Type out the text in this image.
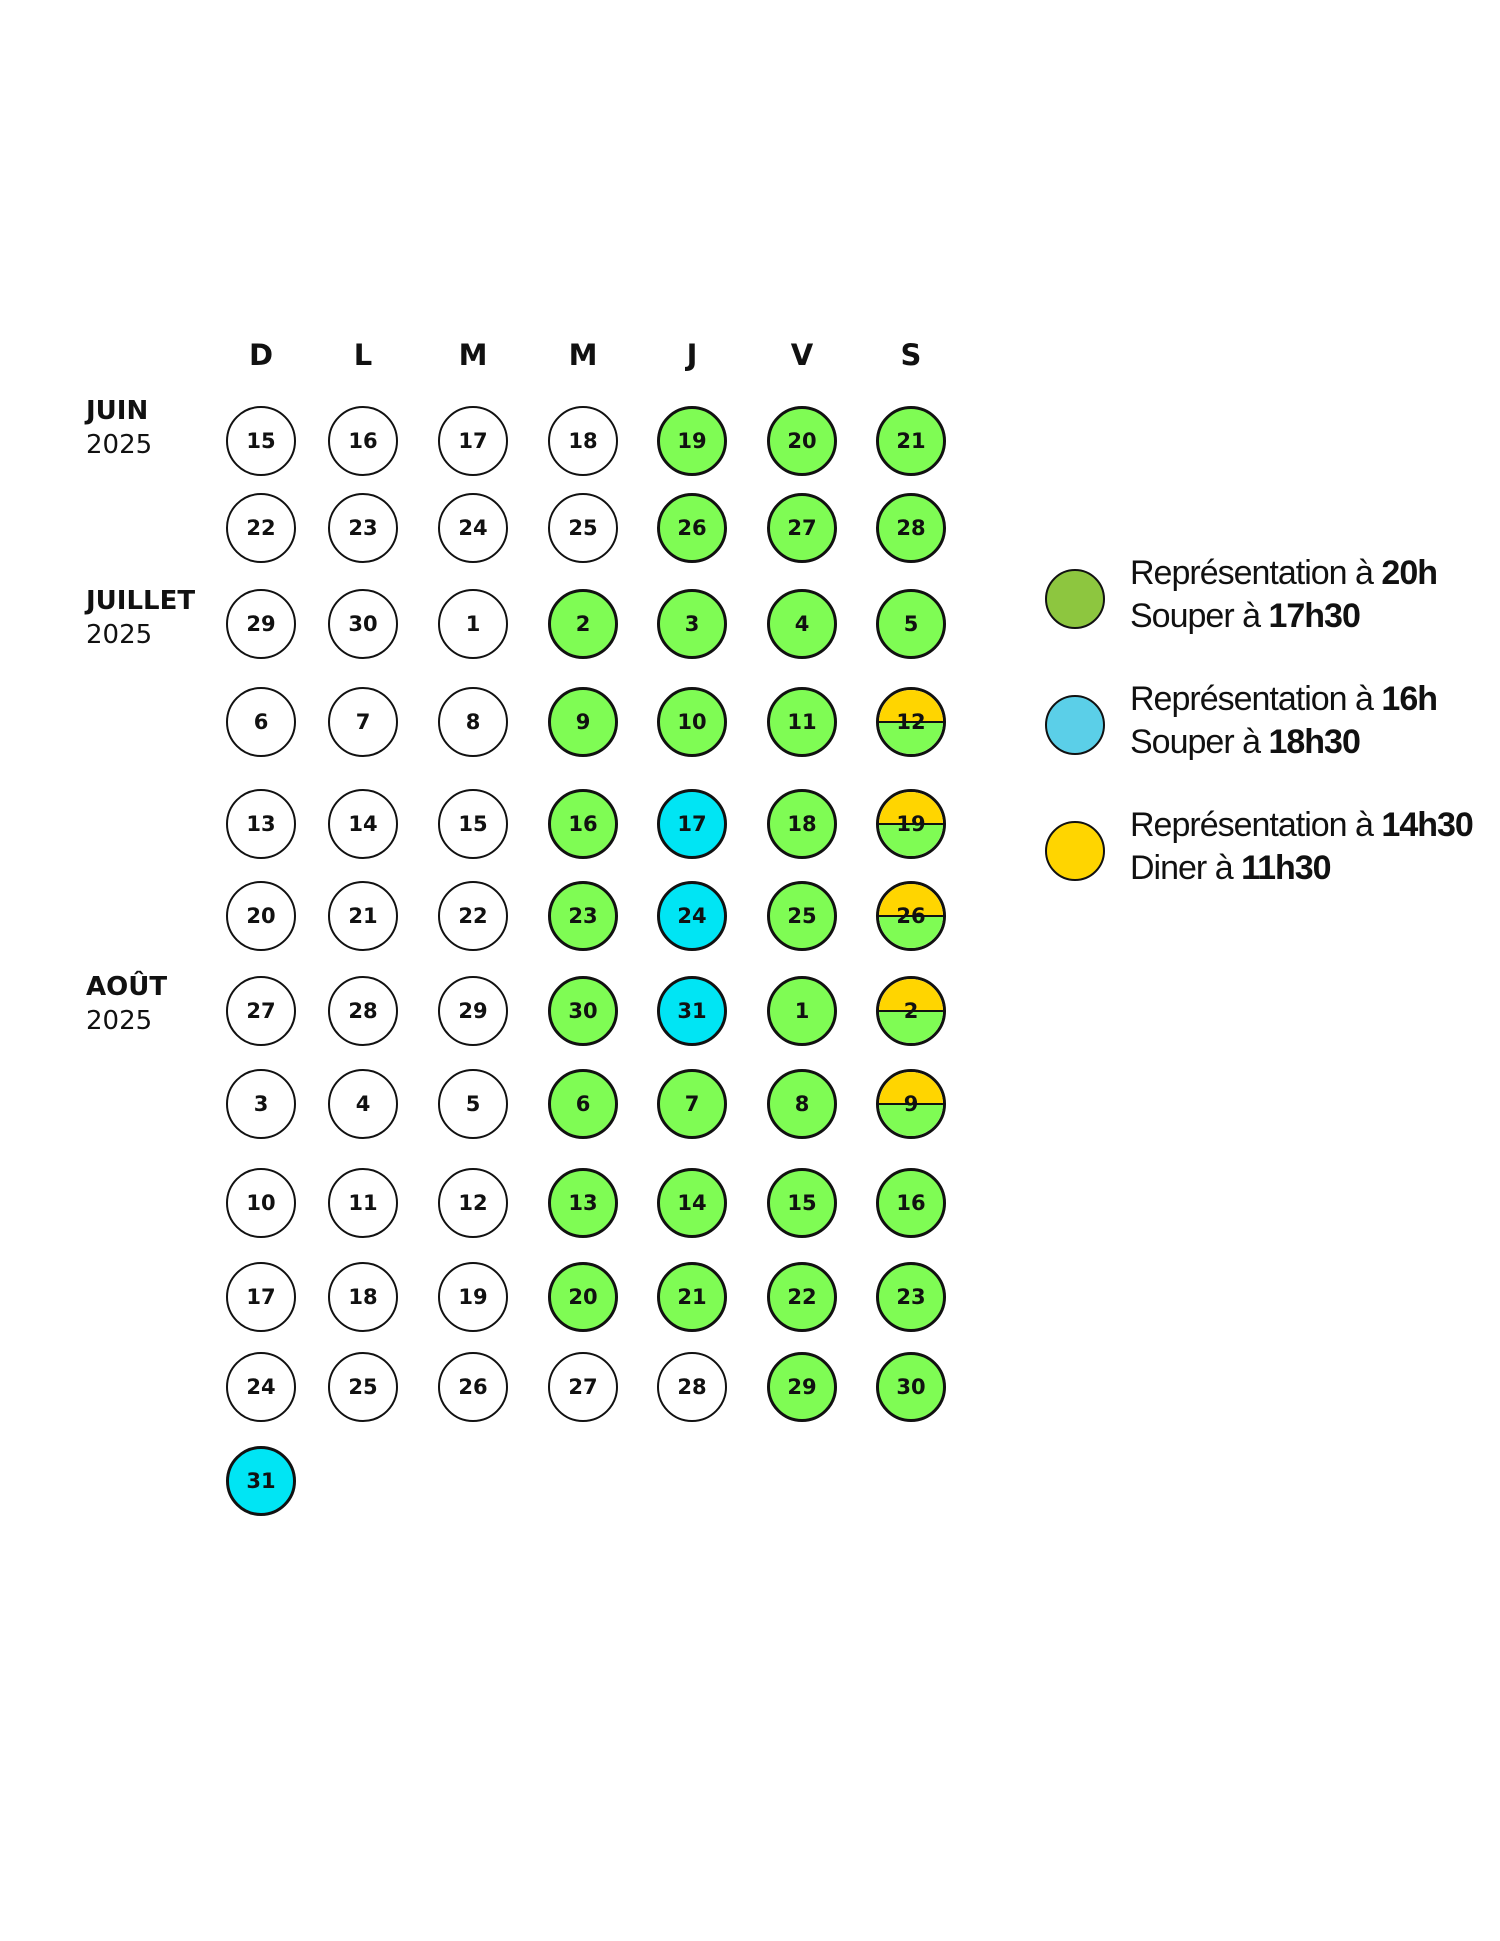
D	L	M	M	J	V	S
JUIN
2025
JUILLET
2025
AOÛT
2025
15	16	17	18	19	20	21
22	23	24	25	26	27	28
29	30	1	2	3	4	5
6	7	8	9	10	11	12
13	14	15	16	17	18	19
20	21	22	23	24	25	26
27	28	29	30	31	1	2
3	4	5	6	7	8	9
10	11	12	13	14	15	16
17	18	19	20	21	22	23
24	25	26	27	28	29	30
31
Représentation à 20h
Souper à 17h30
Représentation à 16h
Souper à 18h30
Représentation à 14h30
Diner à 11h30
